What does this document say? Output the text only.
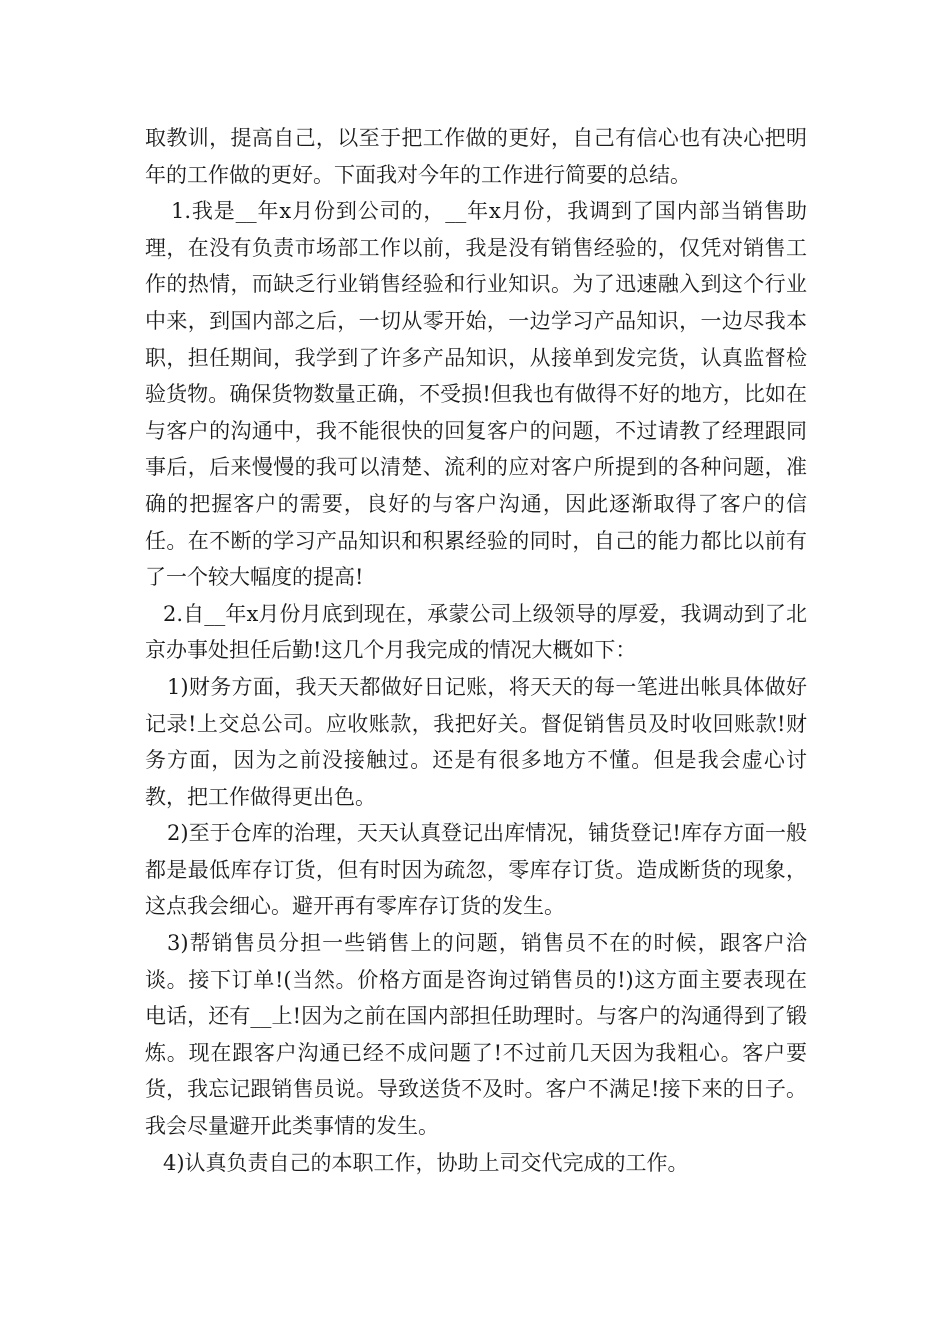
取教训，提高自己，以至于把工作做的更好，自己有信心也有决心把明年的工作做的更好。下面我对今年的工作进行简要的总结。

1.我是__年x月份到公司的，__年x月份，我调到了国内部当销售助理，在没有负责市场部工作以前，我是没有销售经验的，仅凭对销售工作的热情，而缺乏行业销售经验和行业知识。为了迅速融入到这个行业中来，到国内部之后，一切从零开始，一边学习产品知识，一边尽我本职，担任期间，我学到了许多产品知识，从接单到发完货，认真监督检验货物。确保货物数量正确，不受损!但我也有做得不好的地方，比如在与客户的沟通中，我不能很快的回复客户的问题，不过请教了经理跟同事后，后来慢慢的我可以清楚、流利的应对客户所提到的各种问题，准确的把握客户的需要，良好的与客户沟通，因此逐渐取得了客户的信任。在不断的学习产品知识和积累经验的同时，自己的能力都比以前有了一个较大幅度的提高!

2.自__年x月份月底到现在，承蒙公司上级领导的厚爱，我调动到了北京办事处担任后勤!这几个月我完成的情况大概如下：

1)财务方面，我天天都做好日记账，将天天的每一笔进出帐具体做好记录!上交总公司。应收账款，我把好关。督促销售员及时收回账款!财务方面，因为之前没接触过。还是有很多地方不懂。但是我会虚心讨教，把工作做得更出色。

2)至于仓库的治理，天天认真登记出库情况，铺货登记!库存方面一般都是最低库存订货，但有时因为疏忽，零库存订货。造成断货的现象，这点我会细心。避开再有零库存订货的发生。

3)帮销售员分担一些销售上的问题，销售员不在的时候，跟客户洽谈。接下订单!(当然。价格方面是咨询过销售员的!)这方面主要表现在电话，还有__上!因为之前在国内部担任助理时。与客户的沟通得到了锻炼。现在跟客户沟通已经不成问题了!不过前几天因为我粗心。客户要货，我忘记跟销售员说。导致送货不及时。客户不满足!接下来的日子。我会尽量避开此类事情的发生。

4)认真负责自己的本职工作，协助上司交代完成的工作。
